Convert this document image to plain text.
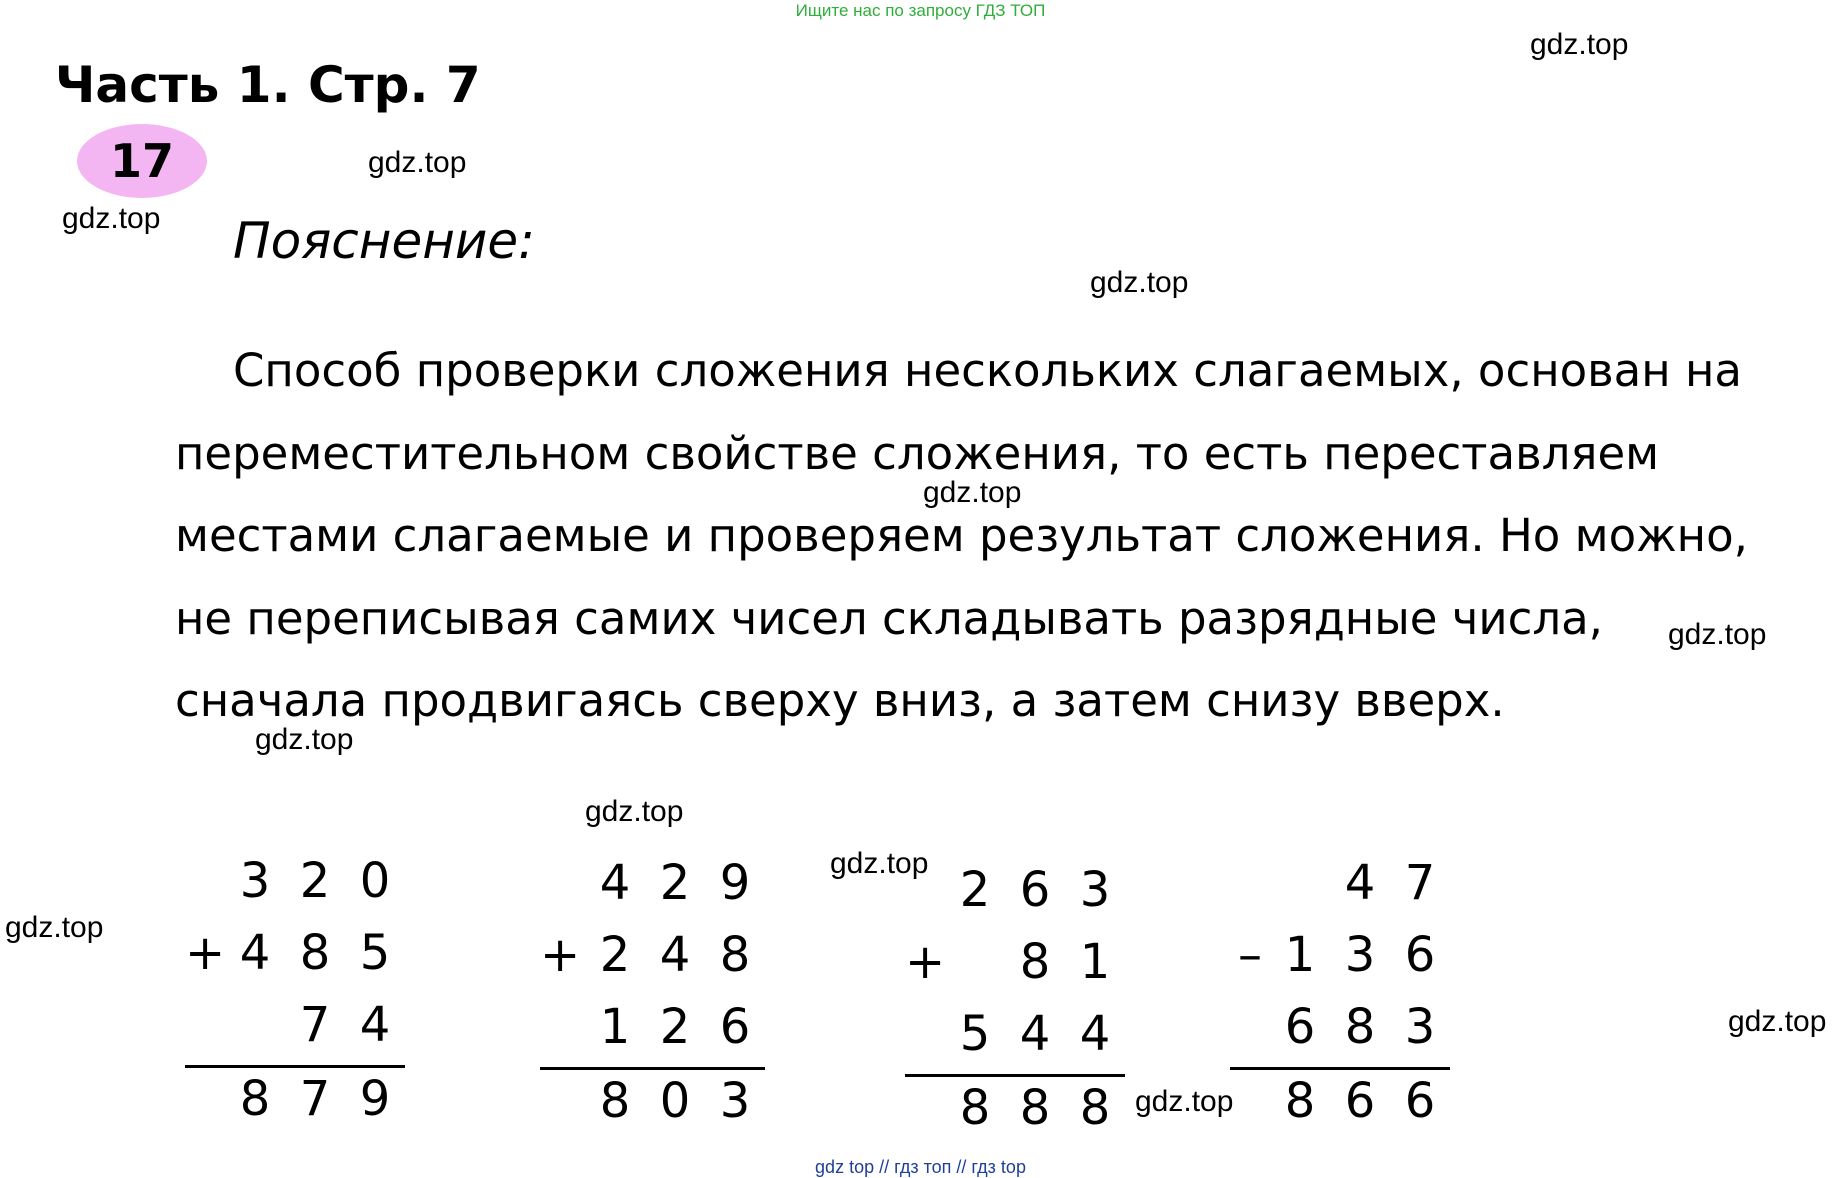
Ищите нас по запросу ГДЗ ТОП
Часть 1. Стр. 7
17
Пояснение:

Способ проверки сложения нескольких слагаемых, основан на
переместительном свойстве сложения, то есть переставляем
местами слагаемые и проверяем результат сложения. Но можно,
не переписывая самих чисел складывать разрядные числа,
сначала продвигаясь сверху вниз, а затем снизу вверх.

gdz.top
gdz.top
gdz.top
gdz.top
gdz.top
gdz.top
gdz.top
gdz.top
gdz.top
gdz.top
gdz.top
gdz.top
3 2 0
4 8 5
+
7 4
8 7 9
4 2 9
2 4 8
+
1 2 6
8 0 3
2 6 3
8 1
+
5 4 4
8 8 8
4 7
1 3 6
–
6 8 3
8 6 6
gdz top // гдз топ // гдз top
